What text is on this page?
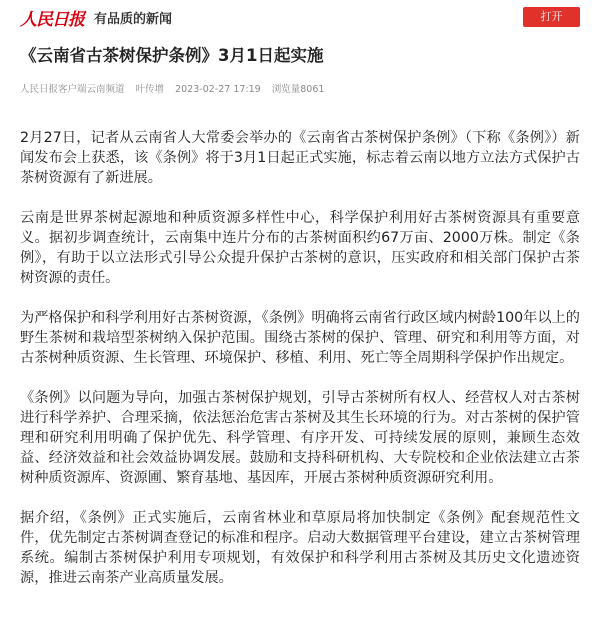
人民日报 有品质的新闻	打开
《云南省古茶树保护条例》3月1日起实施
人民日报客户端云南频道 叶传增 2023-02-27 17:19 浏览量8061

2月27日，记者从云南省人大常委会举办的《云南省古茶树保护条例》（下称《条例》）新闻发布会上获悉，该《条例》将于3月1日起正式实施，标志着云南以地方立法方式保护古茶树资源有了新进展。

云南是世界茶树起源地和种质资源多样性中心，科学保护利用好古茶树资源具有重要意义。据初步调查统计，云南集中连片分布的古茶树面积约67万亩、2000万株。制定《条例》，有助于以立法形式引导公众提升保护古茶树的意识，压实政府和相关部门保护古茶树资源的责任。

为严格保护和科学利用好古茶树资源，《条例》明确将云南省行政区域内树龄100年以上的野生茶树和栽培型茶树纳入保护范围。围绕古茶树的保护、管理、研究和利用等方面，对古茶树种质资源、生长管理、环境保护、移植、利用、死亡等全周期科学保护作出规定。

《条例》以问题为导向，加强古茶树保护规划，引导古茶树所有权人、经营权人对古茶树进行科学养护、合理采摘，依法惩治危害古茶树及其生长环境的行为。对古茶树的保护管理和研究利用明确了保护优先、科学管理、有序开发、可持续发展的原则，兼顾生态效益、经济效益和社会效益协调发展。鼓励和支持科研机构、大专院校和企业依法建立古茶树种质资源库、资源圃、繁育基地、基因库，开展古茶树种质资源研究利用。

据介绍，《条例》正式实施后，云南省林业和草原局将加快制定《条例》配套规范性文件，优先制定古茶树调查登记的标准和程序。启动大数据管理平台建设，建立古茶树管理系统。编制古茶树保护利用专项规划，有效保护和科学利用古茶树及其历史文化遗迹资源，推进云南茶产业高质量发展。
